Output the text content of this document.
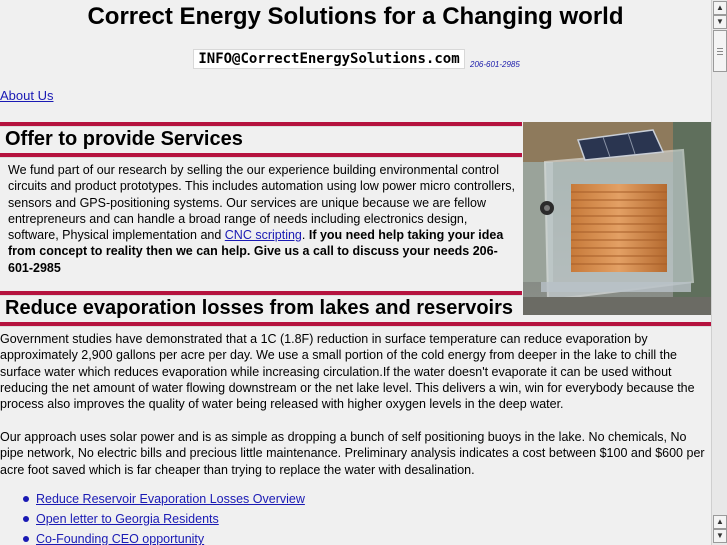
Correct Energy Solutions for a Changing world
INFO@CorrectEnergySolutions.com	206-601-2985
About Us
Offer to provide Services

We fund part of our research by selling the our experience building environmental control circuits and product prototypes. This includes automation using low power micro controllers, sensors and GPS-positioning systems. Our services are unique because we are fellow entrepreneurs and can handle a broad range of needs including electronics design, software, Physical implementation and CNC scripting. If you need help taking your idea from concept to reality then we can help. Give us a call to discuss your needs 206-601-2985

Reduce evaporation losses from lakes and reservoirs

Government studies have demonstrated that a 1C (1.8F) reduction in surface temperature can reduce evaporation by approximately 2,900 gallons per acre per day. We use a small portion of the cold energy from deeper in the lake to chill the surface water which reduces evaporation while increasing circulation.If the water doesn't evaporate it can be used without reducing the net amount of water flowing downstream or the net lake level. This delivers a win, win for everybody because the process also improves the quality of water being released with higher oxygen levels in the deep water.

Our approach uses solar power and is as simple as dropping a bunch of self positioning buoys in the lake. No chemicals, No pipe network, No electric bills and precious little maintenance. Preliminary analysis indicates a cost between $100 and $600 per acre foot saved which is far cheaper than trying to replace the water with desalination.

Reduce Reservoir Evaporation Losses Overview
Open letter to Georgia Residents
Co-Founding CEO opportunity
▲
▼
▲
▼
